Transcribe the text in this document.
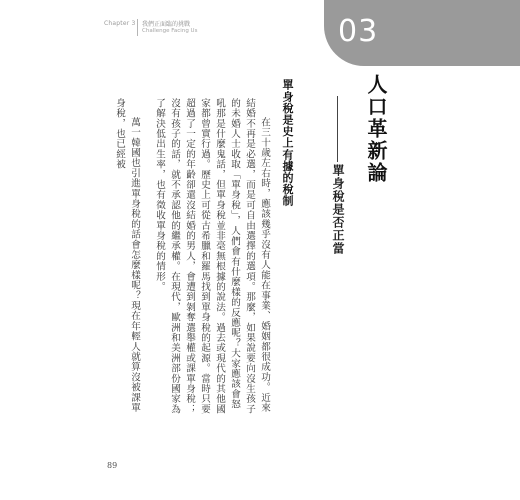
Chapter 3 我們正面臨的挑戰
Challenge Facing Us	03
人口革新論
單身稅是否正當
單身稅是史上有據的稅制

在三十歲左右時，應該幾乎沒有人能在事業、婚姻都很成功。近來結婚不再是必選，而是可自由選擇的選項。那麼，如果說要向沒生孩子的未婚人士收取「單身稅」，人們會有什麼樣的反應呢？大家應該會怒吼那是什麼鬼話，但單身稅並非毫無根據的說法。過去或現代的其他國家都曾實行過。歷史上可從古希臘和羅馬找到單身稅的起源。當時只要超過了一定的年齡卻還沒結婚的男人，會遭到剝奪選舉權或課單身稅；沒有孩子的話，就不承認他的繼承權。在現代，歐洲和美洲部份國家為了解決低出生率，也有徵收單身稅的情形。

萬一韓國也引進單身稅的話會怎麼樣呢？現在年輕人就算沒被課單身稅，也已經被

89
